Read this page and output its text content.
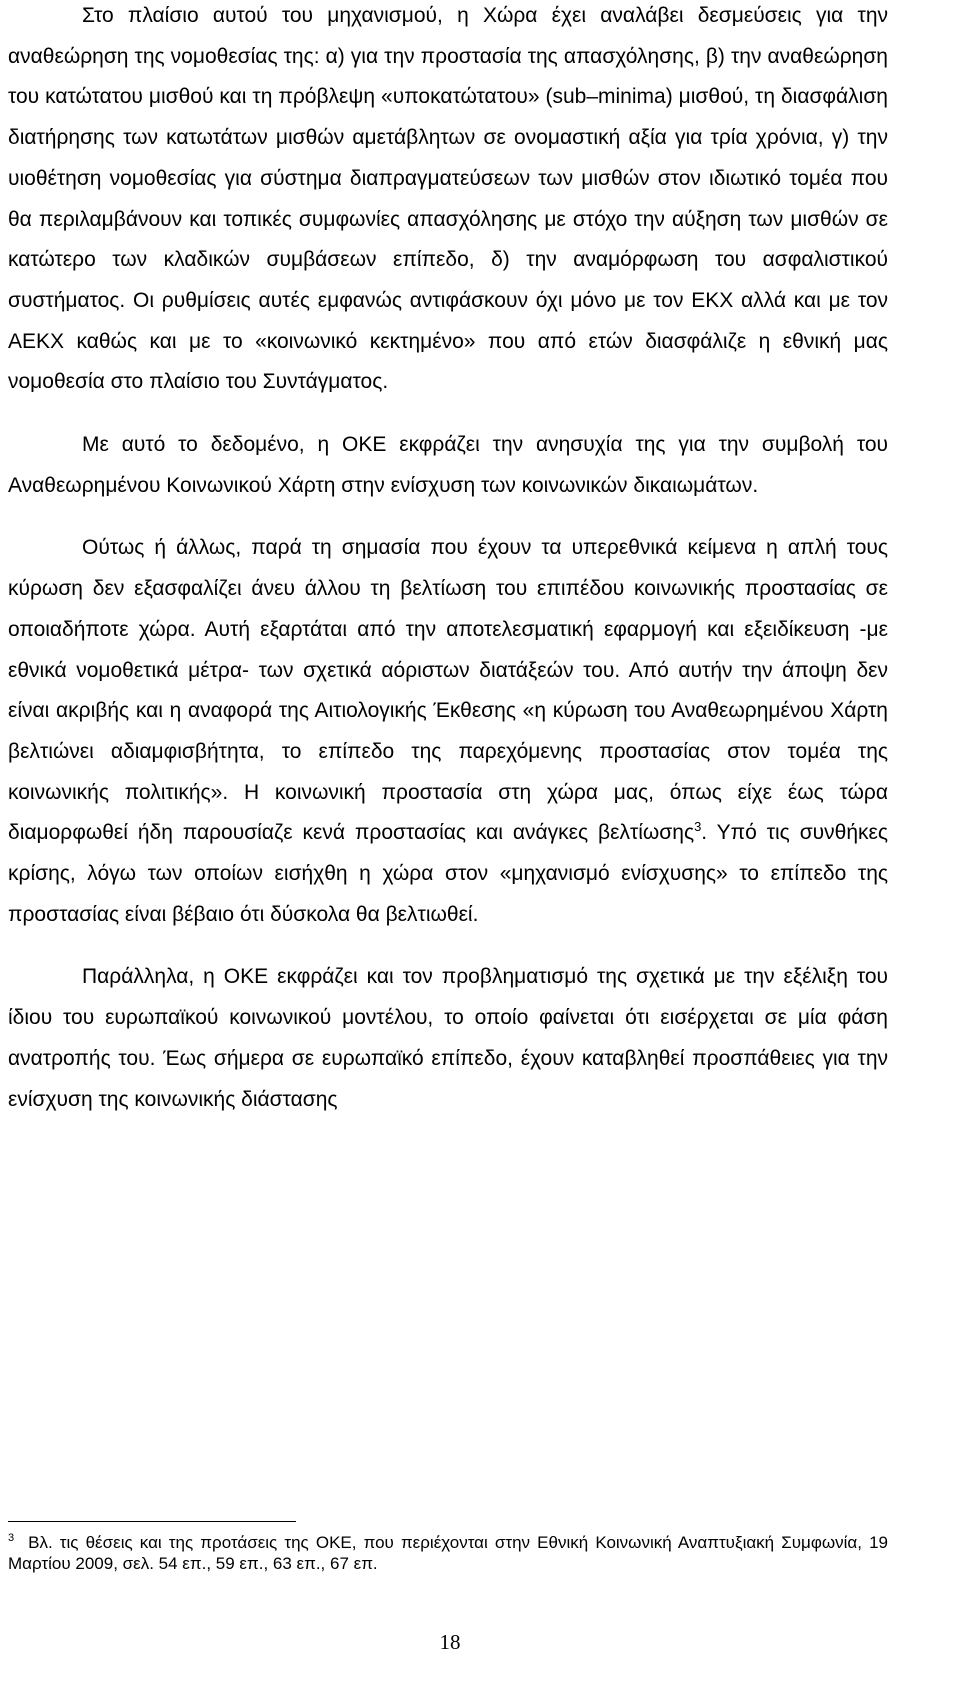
Στο πλαίσιο αυτού του μηχανισμού, η Χώρα έχει αναλάβει δεσμεύσεις για την αναθεώρηση της νομοθεσίας της: α) για την προστασία της απασχόλησης, β) την αναθεώρηση του κατώτατου μισθού και τη πρόβλεψη «υποκατώτατου» (sub–minima) μισθού, τη διασφάλιση διατήρησης των κατωτάτων μισθών αμετάβλητων σε ονομαστική αξία για τρία χρόνια, γ) την υιοθέτηση νομοθεσίας για σύστημα διαπραγματεύσεων των μισθών στον ιδιωτικό τομέα που θα περιλαμβάνουν και τοπικές συμφωνίες απασχόλησης με στόχο την αύξηση των μισθών σε κατώτερο των κλαδικών συμβάσεων επίπεδο, δ) την αναμόρφωση του ασφαλιστικού συστήματος. Οι ρυθμίσεις αυτές εμφανώς αντιφάσκουν όχι μόνο με τον ΕΚΧ αλλά και με τον ΑΕΚΧ καθώς και με το «κοινωνικό κεκτημένο» που από ετών διασφάλιζε η εθνική μας νομοθεσία στο πλαίσιο του Συντάγματος.

Με αυτό το δεδομένο, η ΟΚΕ εκφράζει την ανησυχία της για την συμβολή του Αναθεωρημένου Κοινωνικού Χάρτη στην ενίσχυση των κοινωνικών δικαιωμάτων.

Ούτως ή άλλως, παρά τη σημασία που έχουν τα υπερεθνικά κείμενα η απλή τους κύρωση δεν εξασφαλίζει άνευ άλλου τη βελτίωση του επιπέδου κοινωνικής προστασίας σε οποιαδήποτε χώρα. Αυτή εξαρτάται από την αποτελεσματική εφαρμογή και εξειδίκευση -με εθνικά νομοθετικά μέτρα- των σχετικά αόριστων διατάξεών του. Από αυτήν την άποψη δεν είναι ακριβής και η αναφορά της Αιτιολογικής Έκθεσης «η κύρωση του Αναθεωρημένου Χάρτη βελτιώνει αδιαμφισβήτητα, το επίπεδο της παρεχόμενης προστασίας στον τομέα της κοινωνικής πολιτικής». Η κοινωνική προστασία στη χώρα μας, όπως είχε έως τώρα διαμορφωθεί ήδη παρουσίαζε κενά προστασίας και ανάγκες βελτίωσης$^3$. Υπό τις συνθήκες κρίσης, λόγω των οποίων εισήχθη η χώρα στον «μηχανισμό ενίσχυσης» το επίπεδο της προστασίας είναι βέβαιο ότι δύσκολα θα βελτιωθεί.

Παράλληλα, η ΟΚΕ εκφράζει και τον προβληματισμό της σχετικά με την εξέλιξη του ίδιου του ευρωπαϊκού κοινωνικού μοντέλου, το οποίο φαίνεται ότι εισέρχεται σε μία φάση ανατροπής του. Έως σήμερα σε ευρωπαϊκό επίπεδο, έχουν καταβληθεί προσπάθειες για την ενίσχυση της κοινωνικής διάστασης

$^3$ Βλ. τις θέσεις και της προτάσεις της ΟΚΕ, που περιέχονται στην Εθνική Κοινωνική Αναπτυξιακή Συμφωνία, 19 Μαρτίου 2009, σελ. 54 επ., 59 επ., 63 επ., 67 επ.

18
